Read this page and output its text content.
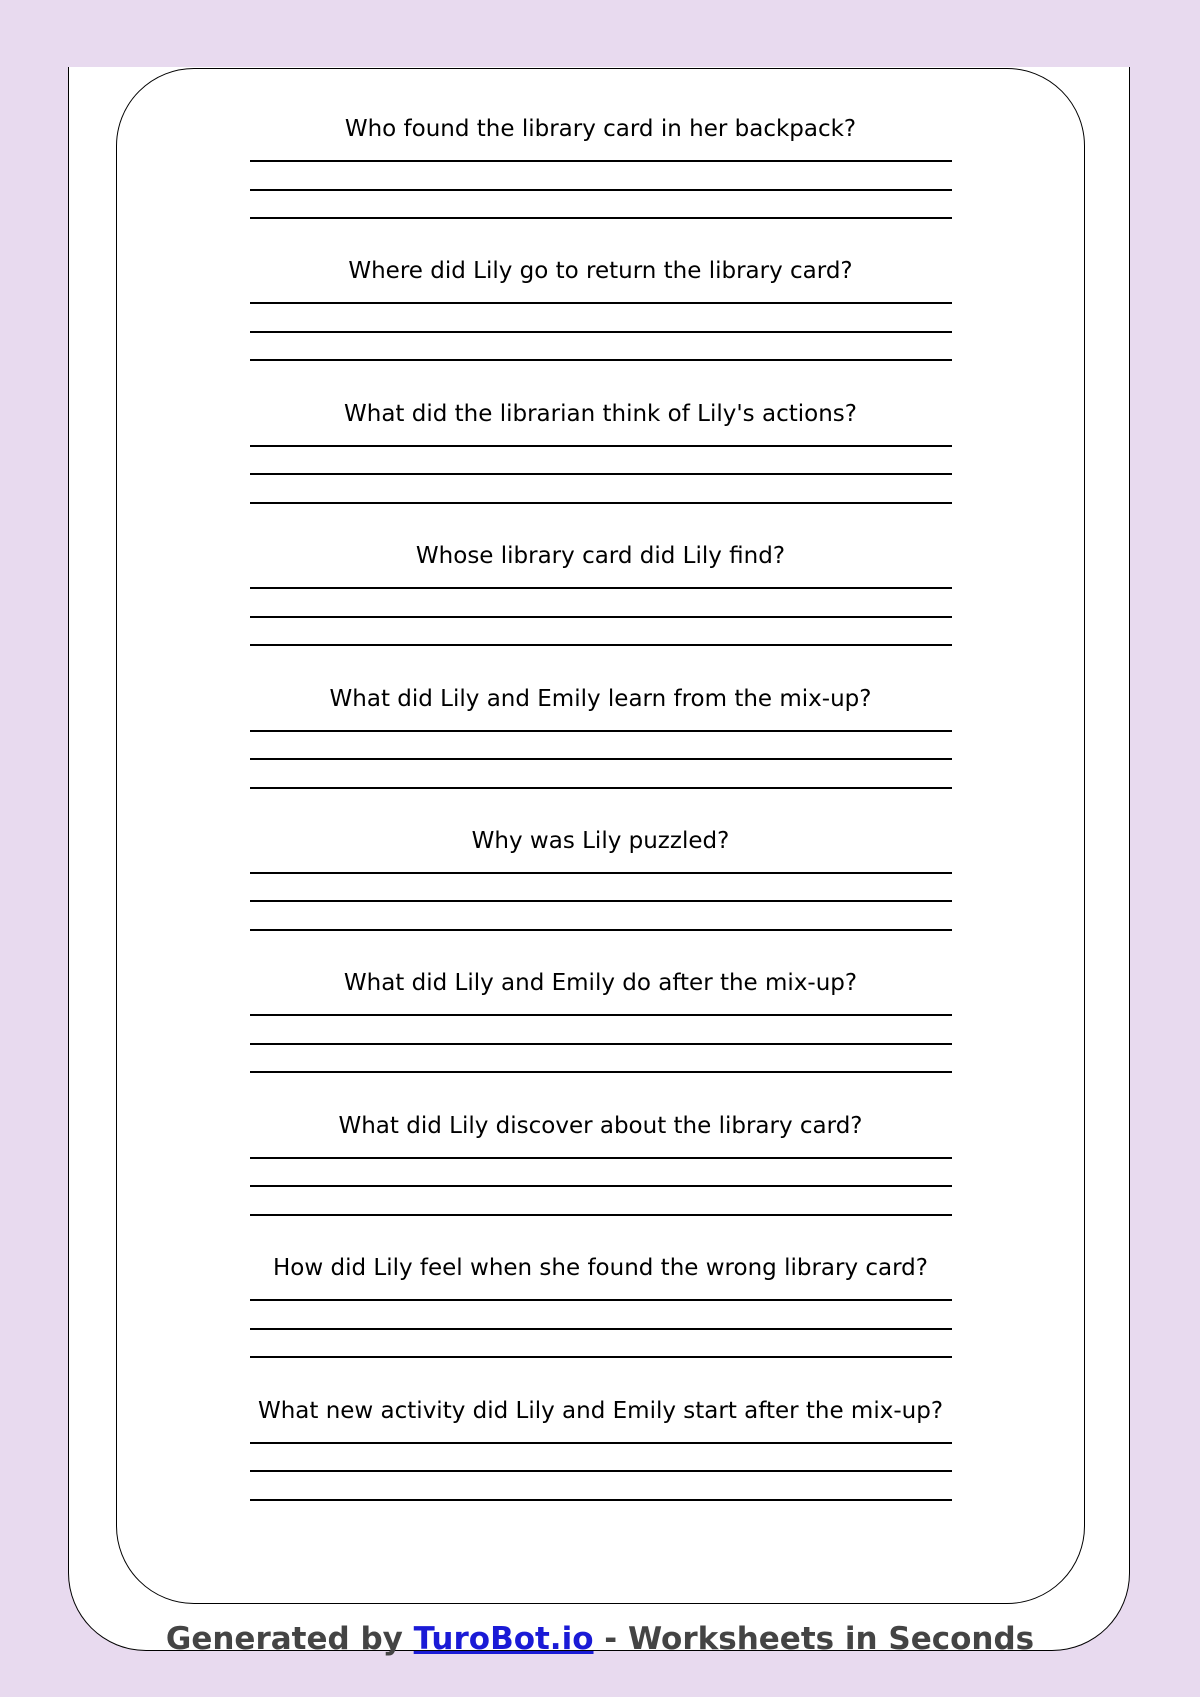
Who found the library card in her backpack?
Where did Lily go to return the library card?
What did the librarian think of Lily's actions?
Whose library card did Lily find?
What did Lily and Emily learn from the mix-up?
Why was Lily puzzled?
What did Lily and Emily do after the mix-up?
What did Lily discover about the library card?
How did Lily feel when she found the wrong library card?
What new activity did Lily and Emily start after the mix-up?
Generated by TuroBot.io - Worksheets in Seconds
